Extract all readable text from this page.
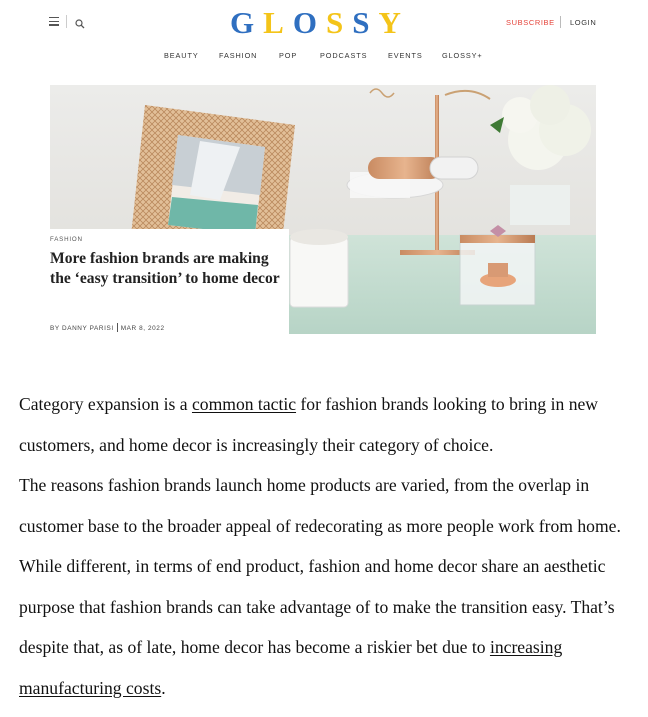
GLOSSY	SUBSCRIBE LOGIN
BEAUTY	FASHION	POP	PODCASTS	EVENTS	GLOSSY+
FASHION
More fashion brands are making the ‘easy transition’ to home decor
BY DANNY PARISI MAR 8, 2022

Category expansion is a common tactic for fashion brands looking to bring in new customers, and home decor is increasingly their category of choice.

The reasons fashion brands launch home products are varied, from the overlap in customer base to the broader appeal of redecorating as more people work from home. While different, in terms of end product, fashion and home decor share an aesthetic purpose that fashion brands can take advantage of to make the transition easy. That’s despite that, as of late, home decor has become a riskier bet due to increasing manufacturing costs.
